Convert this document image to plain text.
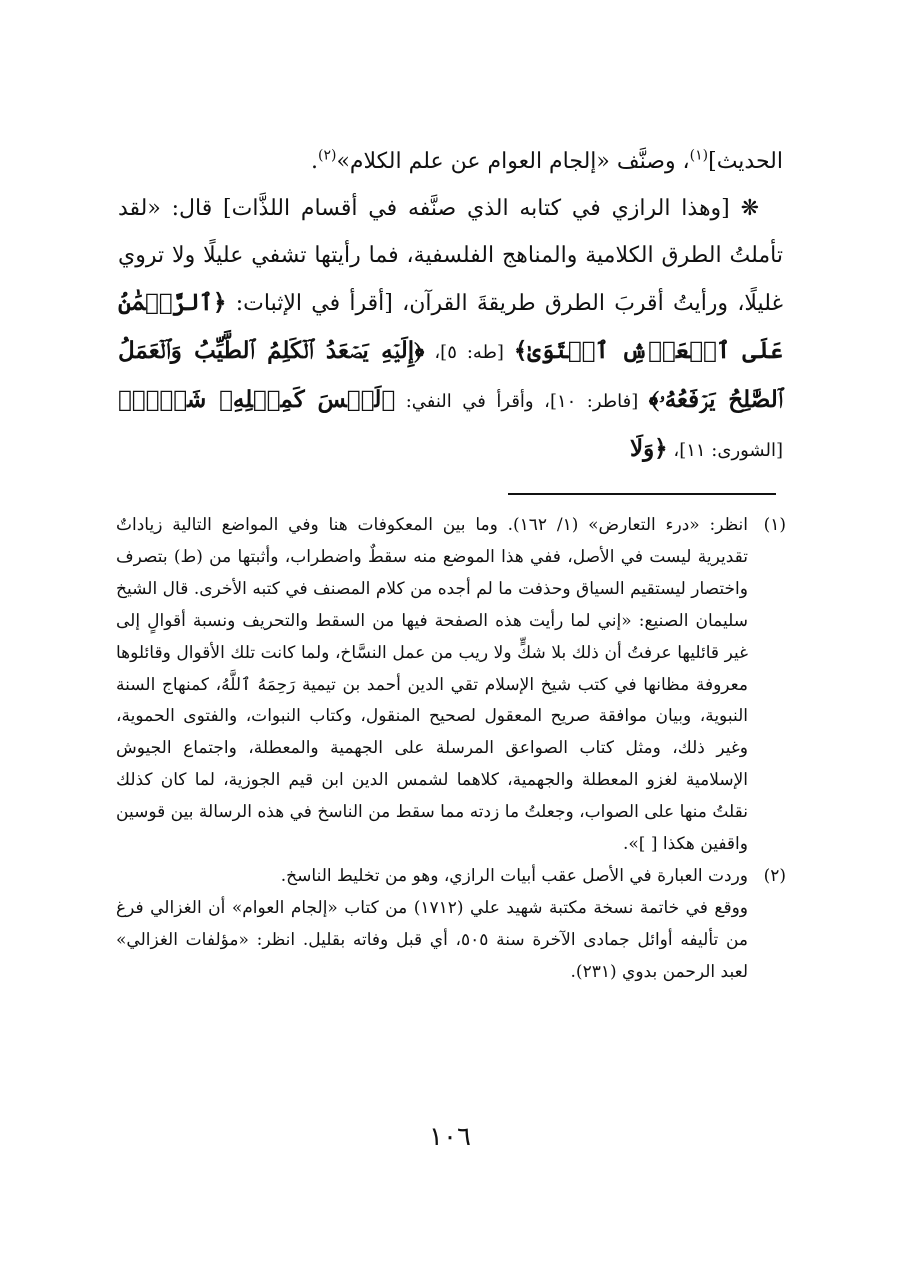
الحديث]$^{(١)}$، وصنَّف «إلجام العوام عن علم الكلام»$^{(٢)}$.

❋ [وهذا الرازي في كتابه الذي صنَّفه في أقسام اللذَّات] قال: «لقد تأملتُ الطرق الكلامية والمناهج الفلسفية، فما رأيتها تشفي عليلًا ولا تروي غليلًا، ورأيتُ أقربَ الطرق طريقةَ القرآن، [أقرأ في الإثبات: ﴿ٱلرَّحۡمَٰنُ عَلَى ٱلۡعَرۡشِ ٱسۡتَوَىٰ﴾ [طه: ٥]، ﴿إِلَيۡهِ يَصۡعَدُ ٱلۡكَلِمُ ٱلطَّيِّبُ وَٱلۡعَمَلُ ٱلصَّٰلِحُ يَرۡفَعُهُۥ﴾ [فاطر: ١٠]، وأقرأ في النفي: ﴿لَيۡسَ كَمِثۡلِهِۦ شَيۡءٞ﴾ [الشورى: ١١]، ﴿وَلَا

(١)

انظر: «درء التعارض» (١/ ١٦٢). وما بين المعكوفات هنا وفي المواضع التالية زياداتٌ تقديرية ليست في الأصل، ففي هذا الموضع منه سقطٌ واضطراب، وأثبتها من (ط) بتصرف واختصار ليستقيم السياق وحذفت ما لم أجده من كلام المصنف في كتبه الأخرى. قال الشيخ سليمان الصنيع: «إني لما رأيت هذه الصفحة فيها من السقط والتحريف ونسبة أقوالٍ إلى غير قائليها عرفتُ أن ذلك بلا شكٍّ ولا ريب من عمل النسَّاخ، ولما كانت تلك الأقوال وقائلوها معروفة مظانها في كتب شيخ الإسلام تقي الدين أحمد بن تيمية رَحِمَهُ ٱللَّهُ، كمنهاج السنة النبوية، وبيان موافقة صريح المعقول لصحيح المنقول، وكتاب النبوات، والفتوى الحموية، وغير ذلك، ومثل كتاب الصواعق المرسلة على الجهمية والمعطلة، واجتماع الجيوش الإسلامية لغزو المعطلة والجهمية، كلاهما لشمس الدين ابن قيم الجوزية، لما كان كذلك نقلتُ منها على الصواب، وجعلتُ ما زدته مما سقط من الناسخ في هذه الرسالة بين قوسين واقفين هكذا [ ]».

(٢)

وردت العبارة في الأصل عقب أبيات الرازي، وهو من تخليط الناسخ.

ووقع في خاتمة نسخة مكتبة شهيد علي (١٧١٢) من كتاب «إلجام العوام» أن الغزالي فرغ من تأليفه أوائل جمادى الآخرة سنة ٥٠٥، أي قبل وفاته بقليل. انظر: «مؤلفات الغزالي» لعبد الرحمن بدوي (٢٣١).

١٠٦
